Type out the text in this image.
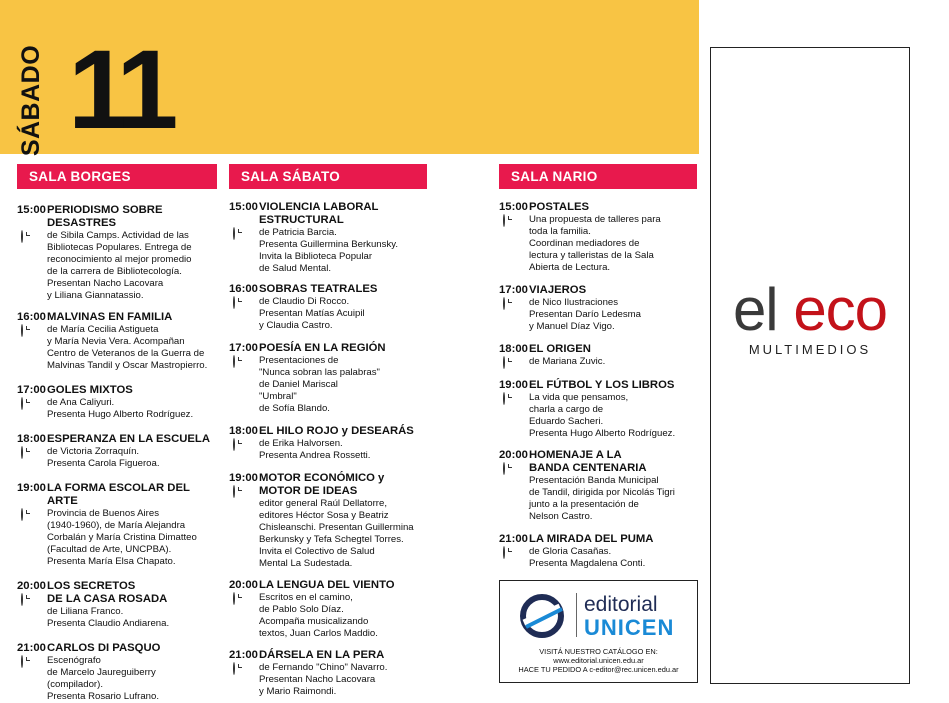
SÁBADO 11
SALA BORGES
15:00 PERIODISMO SOBRE DESASTRES
de Sibila Camps. Actividad de las
Bibliotecas Populares. Entrega de
reconocimiento al mejor promedio
de la carrera de Bibliotecología.
Presentan Nacho Lacovara
y Liliana Giannatassio.
16:00 MALVINAS EN FAMILIA
de María Cecilia Astigueta
y María Nevia Vera. Acompañan
Centro de Veteranos de la Guerra de
Malvinas Tandil y Oscar Mastropierro.
17:00 GOLES MIXTOS
de Ana Caliyuri.
Presenta Hugo Alberto Rodríguez.
18:00 ESPERANZA EN LA ESCUELA
de Victoria Zorraquín.
Presenta Carola Figueroa.
19:00 LA FORMA ESCOLAR DEL ARTE
Provincia de Buenos Aires
(1940-1960), de María Alejandra
Corbalán y María Cristina Dimatteo
(Facultad de Arte, UNCPBA).
Presenta María Elsa Chapato.
20:00 LOS SECRETOS
DE LA CASA ROSADA
de Liliana Franco.
Presenta Claudio Andiarena.
21:00 CARLOS DI PASQUO
Escenógrafo
de Marcelo Jaureguiberry
(compilador).
Presenta Rosario Lufrano.
SALA SÁBATO
15:00 VIOLENCIA LABORAL ESTRUCTURAL
de Patricia Barcia.
Presenta Guillermina Berkunsky.
Invita la Biblioteca Popular
de Salud Mental.
16:00 SOBRAS TEATRALES
de Claudio Di Rocco.
Presentan Matías Acuipil
y Claudia Castro.
17:00 POESÍA EN LA REGIÓN
Presentaciones de
"Nunca sobran las palabras"
de Daniel Mariscal
"Umbral"
de Sofía Blando.
18:00 EL HILO ROJO y DESEARÁS
de Erika Halvorsen.
Presenta Andrea Rossetti.
19:00 MOTOR ECONÓMICO y
MOTOR DE IDEAS
editor general Raúl Dellatorre,
editores Héctor Sosa y Beatriz
Chisleanschi. Presentan Guillermina
Berkunsky y Tefa Schegtel Torres.
Invita el Colectivo de Salud
Mental La Sudestada.
20:00 LA LENGUA DEL VIENTO
Escritos en el camino,
de Pablo Solo Díaz.
Acompaña musicalizando
textos, Juan Carlos Maddio.
21:00 DÁRSELA EN LA PERA
de Fernando "Chino" Navarro.
Presentan Nacho Lacovara
y Mario Raimondi.
SALA NARIO
15:00 POSTALES
Una propuesta de talleres para
toda la familia.
Coordinan mediadores de
lectura y talleristas de la Sala
Abierta de Lectura.
17:00 VIAJEROS
de Nico Ilustraciones
Presentan Darío Ledesma
y Manuel Díaz Vigo.
18:00 EL ORIGEN
de Mariana Zuvic.
19:00 EL FÚTBOL Y LOS LIBROS
La vida que pensamos,
charla a cargo de
Eduardo Sacheri.
Presenta Hugo Alberto Rodríguez.
20:00 HOMENAJE A LA
BANDA CENTENARIA
Presentación Banda Municipal
de Tandil, dirigida por Nicolás Tigri
junto a la presentación de
Nelson Castro.
21:00 LA MIRADA DEL PUMA
de Gloria Casañas.
Presenta Magdalena Conti.
el eco
MULTIMEDIOS
editorial
UNICEN
VISITÁ NUESTRO CATÁLOGO EN:
www.editorial.unicen.edu.ar
HACE TU PEDIDO A c-editor@rec.unicen.edu.ar
